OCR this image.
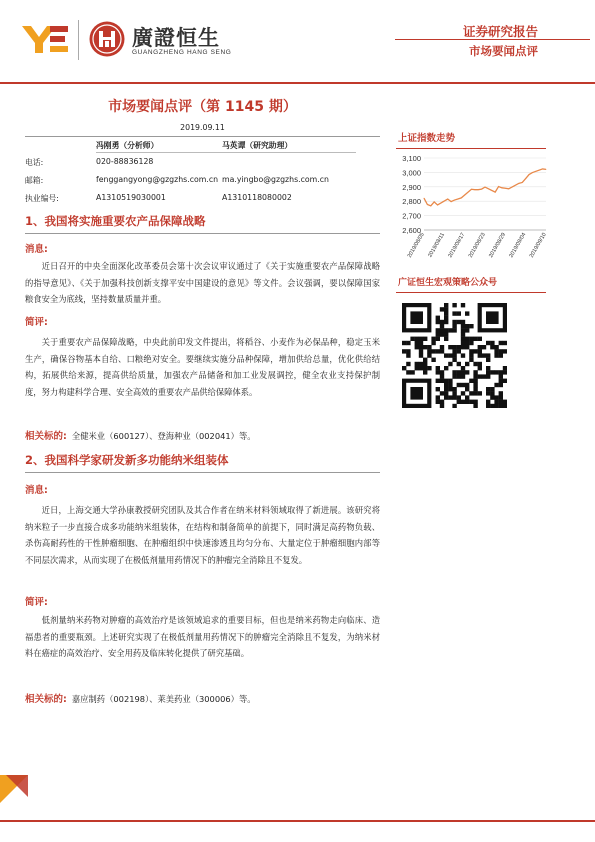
廣證恒生
GUANGZHENG HANG SENG
证券研究报告
市场要闻点评
市场要闻点评（第 1145 期）
2019.09.11
冯刚勇（分析师）	马英谭（研究助理）
电话:	020-88836128
邮箱:	fenggangyong@gzgzhs.com.cn ma.yingbo@gzgzhs.com.cn
执业编号:	A1310519030001	A1310118080002
1、我国将实施重要农产品保障战略
消息:
近日召开的中央全面深化改革委员会第十次会议审议通过了《关于实施重要农产品保障战略的指导意见》、《关于加强科技创新支撑平安中国建设的意见》等文件。会议强调，要以保障国家粮食安全为底线，坚持数量质量并重。
简评:
关于重要农产品保障战略，中央此前印发文件提出，将稻谷、小麦作为必保品种，稳定玉米生产，确保谷物基本自给、口粮绝对安全。要继续实施分品种保障，增加供给总量，优化供给结构，拓展供给来源，提高供给质量，加强农产品储备和加工业发展调控，健全农业支持保护制度，努力构建科学合理、安全高效的重要农产品供给保障体系。
相关标的: 全健米业（600127）、登海种业（002041）等。
2、我国科学家研发新多功能纳米组装体
消息:
近日，上海交通大学孙康教授研究团队及其合作者在纳米材料领域取得了新进展。该研究将纳米粒子一步直接合成多功能纳米组装体，在结构和制备简单的前提下，同时满足高药物负载、杀伤高耐药性的干性肿瘤细胞、在肿瘤组织中快速渗透且均匀分布、大量定位于肿瘤细胞内部等不同层次需求，从而实现了在极低剂量用药情况下的肿瘤完全消除且不复发。
简评:
低剂量纳米药物对肿瘤的高效治疗是该领域追求的重要目标，但也是纳米药物走向临床、造福患者的重要瓶颈。上述研究实现了在极低剂量用药情况下的肿瘤完全消除且不复发，为纳米材料在癌症的高效治疗、安全用药及临床转化提供了研究基础。
相关标的: 嘉应制药（002198）、莱美药业（300006）等。
上证指数走势
3,100
3,000
2,900
2,800
2,700
2,600
2019/08/05 2019/08/11 2019/08/17 2019/08/23 2019/08/29 2019/09/04 2019/09/10
广证恒生宏观策略公众号
